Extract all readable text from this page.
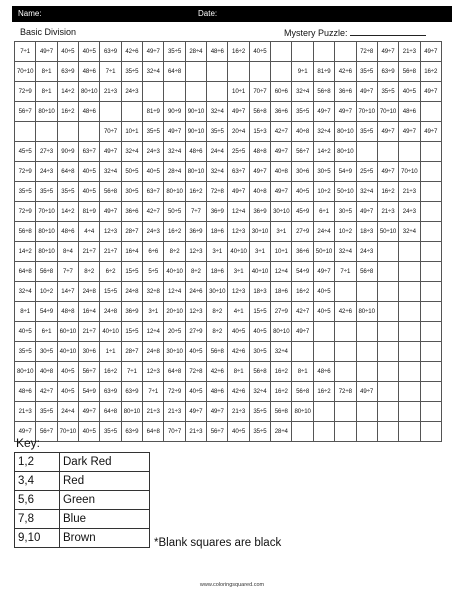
Name:	Date:
Basic Division	Mystery Puzzle:
7÷1	49÷7	40÷5	40÷5	63÷9	42÷6	49÷7	35÷5	28÷4	48÷6	16÷2	40÷5					72÷8	49÷7	21÷3	49÷7
70÷10	8÷1	63÷9	48÷6	7÷1	35÷5	32÷4	64÷8						9÷1	81÷9	42÷6	35÷5	63÷9	56÷8	16÷2
72÷9	8÷1	14÷2	80÷10	21÷3	24÷3					10÷1	70÷7	60÷6	32÷4	56÷8	36÷6	49÷7	35÷5	40÷5	49÷7
56÷7	80÷10	16÷2	48÷6			81÷9	90÷9	90÷10	32÷4	49÷7	56÷8	36÷6	35÷5	49÷7	49÷7	70÷10	70÷10	48÷6	
				70÷7	10÷1	35÷5	49÷7	90÷10	35÷5	20÷4	15÷3	42÷7	40÷8	32÷4	80÷10	35÷5	49÷7	49÷7	49÷7
45÷5	27÷3	90÷9	63÷7	49÷7	32÷4	24÷3	32÷4	48÷6	24÷4	25÷5	48÷8	49÷7	56÷7	14÷2	80÷10				
72÷9	24÷3	64÷8	40÷5	32÷4	50÷5	40÷5	28÷4	80÷10	32÷4	63÷7	49÷7	40÷8	30÷6	30÷5	54÷9	25÷5	49÷7	70÷10	
35÷5	35÷5	35÷5	40÷5	56÷8	30÷5	63÷7	80÷10	16÷2	72÷8	49÷7	40÷8	49÷7	40÷5	10÷2	50÷10	32÷4	16÷2	21÷3	
72÷9	70÷10	14÷2	81÷9	49÷7	36÷6	42÷7	50÷5	7÷7	36÷9	12÷4	36÷9	30÷10	45÷9	6÷1	30÷5	49÷7	21÷3	24÷3	
56÷8	80÷10	48÷6	4÷4	12÷3	28÷7	24÷3	16÷2	36÷9	18÷6	12÷3	30÷10	3÷1	27÷9	24÷4	10÷2	18÷3	50÷10	32÷4	
14÷2	80÷10	8÷4	21÷7	21÷7	16÷4	6÷6	8÷2	12÷3	3÷1	40÷10	3÷1	10÷1	36÷6	50÷10	32÷4	24÷3			
64÷8	56÷8	7÷7	8÷2	6÷2	15÷5	5÷5	40÷10	8÷2	18÷6	3÷1	40÷10	12÷4	54÷9	49÷7	7÷1	56÷8			
32÷4	10÷2	14÷7	24÷8	15÷5	24÷8	32÷8	12÷4	24÷6	30÷10	12÷3	18÷3	18÷6	16÷2	40÷5					
8÷1	54÷9	48÷8	16÷4	24÷8	36÷9	3÷1	20÷10	12÷3	8÷2	4÷1	15÷5	27÷9	42÷7	40÷5	42÷6	80÷10			
40÷5	6÷1	60÷10	21÷7	40÷10	15÷5	12÷4	20÷5	27÷9	8÷2	40÷5	40÷5	80÷10	49÷7						
35÷5	30÷5	40÷10	30÷6	1÷1	28÷7	24÷8	30÷10	40÷5	56÷8	42÷6	30÷5	32÷4							
80÷10	40÷8	40÷5	56÷7	16÷2	7÷1	12÷3	64÷8	72÷8	42÷6	8÷1	56÷8	16÷2	8÷1	48÷6					
48÷6	42÷7	40÷5	54÷9	63÷9	63÷9	7÷1	72÷9	40÷5	48÷6	42÷6	32÷4	16÷2	56÷8	16÷2	72÷8	49÷7			
21÷3	35÷5	24÷4	49÷7	64÷8	80÷10	21÷3	21÷3	49÷7	49÷7	21÷3	35÷5	56÷8	80÷10						
49÷7	56÷7	70÷10	40÷5	35÷5	63÷9	64÷8	70÷7	21÷3	56÷7	40÷5	35÷5	28÷4							
Key:
1,2	Dark Red
3,4	Red
5,6	Green
7,8	Blue
9,10	Brown	*Blank squares are black
www.coloringsquared.com
